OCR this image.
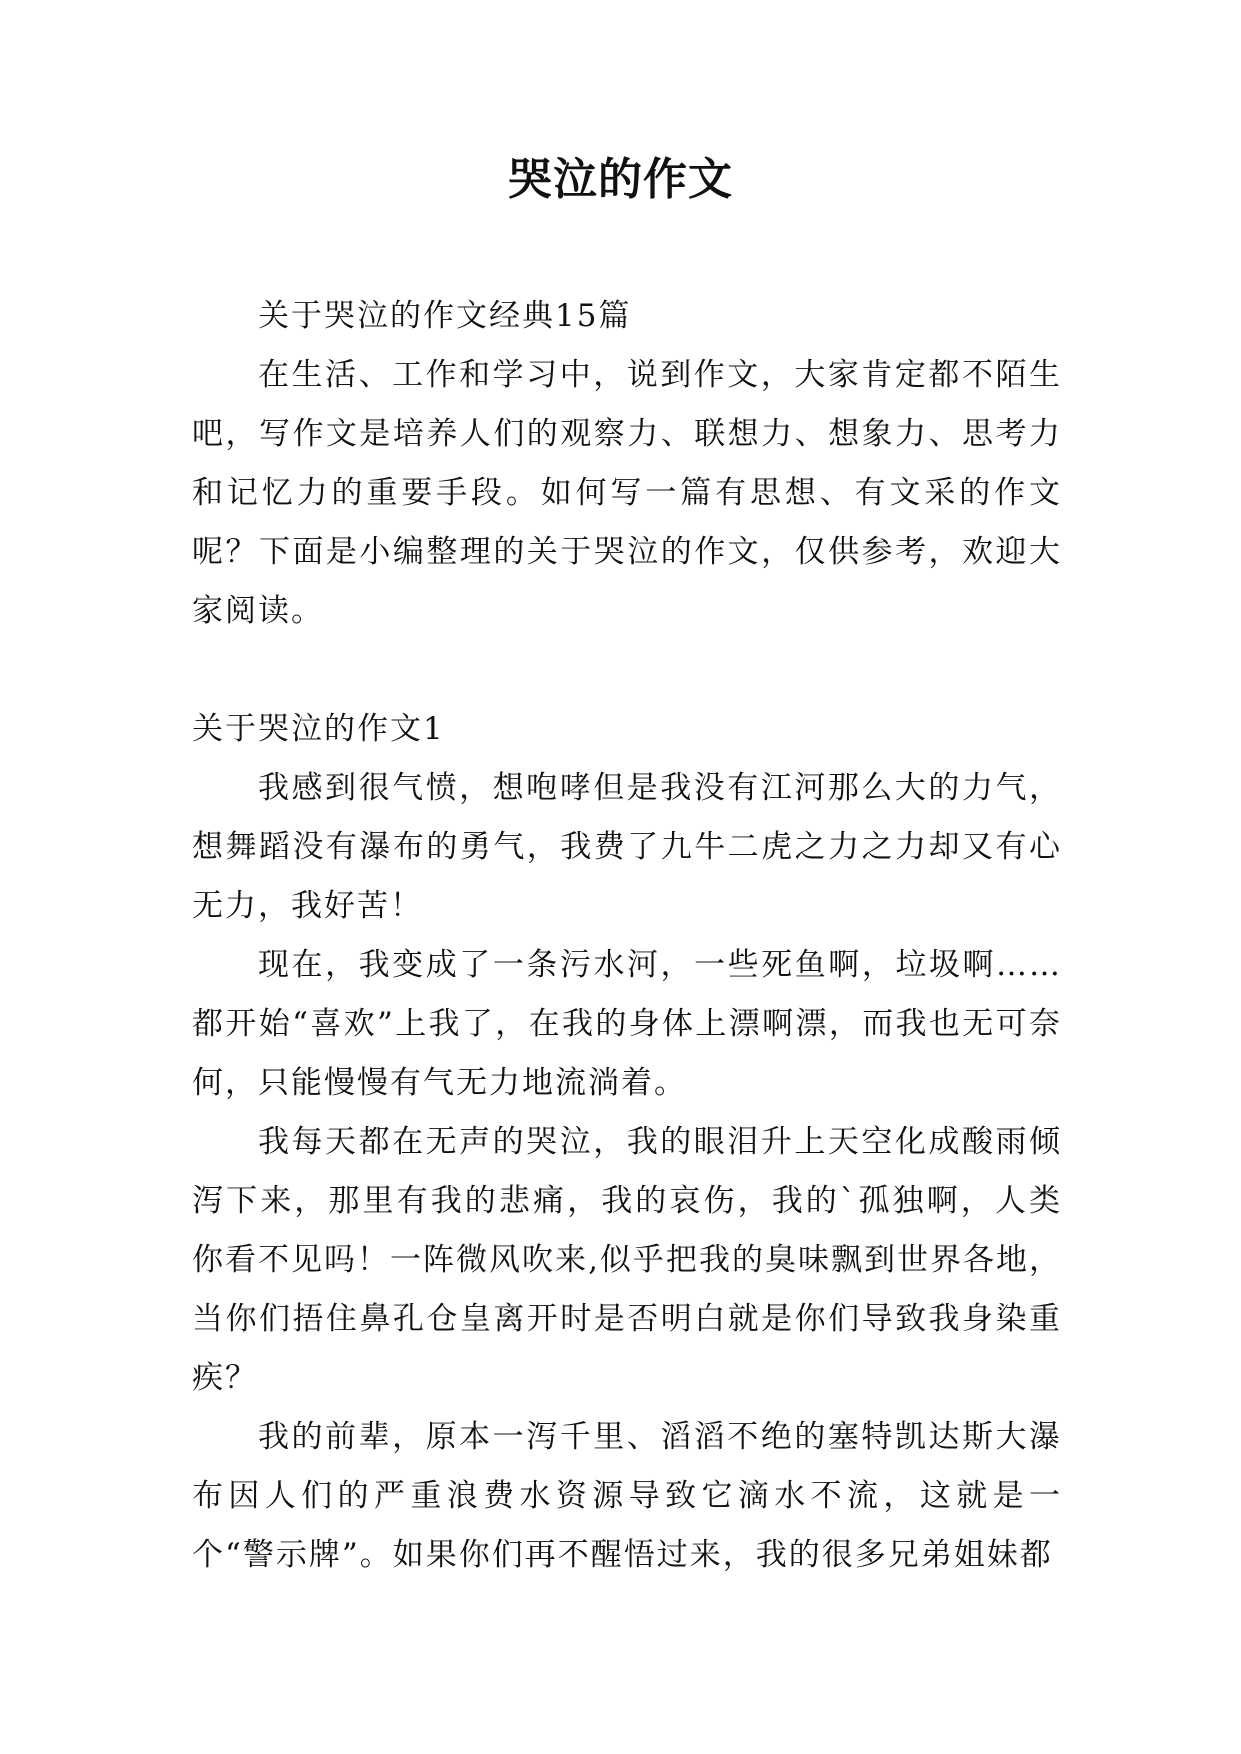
哭泣的作文

关于哭泣的作文经典15篇

在生活、工作和学习中，说到作文，大家肯定都不陌生吧，写作文是培养人们的观察力、联想力、想象力、思考力和记忆力的重要手段。如何写一篇有思想、有文采的作文呢？下面是小编整理的关于哭泣的作文，仅供参考，欢迎大家阅读。

关于哭泣的作文1

我感到很气愤，想咆哮但是我没有江河那么大的力气，想舞蹈没有瀑布的勇气，我费了九牛二虎之力之力却又有心无力，我好苦！

现在，我变成了一条污水河，一些死鱼啊，垃圾啊……都开始“喜欢”上我了，在我的身体上漂啊漂，而我也无可奈何，只能慢慢有气无力地流淌着。

我每天都在无声的哭泣，我的眼泪升上天空化成酸雨倾泻下来，那里有我的悲痛，我的哀伤，我的`孤独啊，人类你看不见吗！一阵微风吹来,似乎把我的臭味飘到世界各地，当你们捂住鼻孔仓皇离开时是否明白就是你们导致我身染重疾？

我的前辈，原本一泻千里、滔滔不绝的塞特凯达斯大瀑布因人们的严重浪费水资源导致它滴水不流，这就是一个“警示牌”。如果你们再不醒悟过来，我的很多兄弟姐妹都
